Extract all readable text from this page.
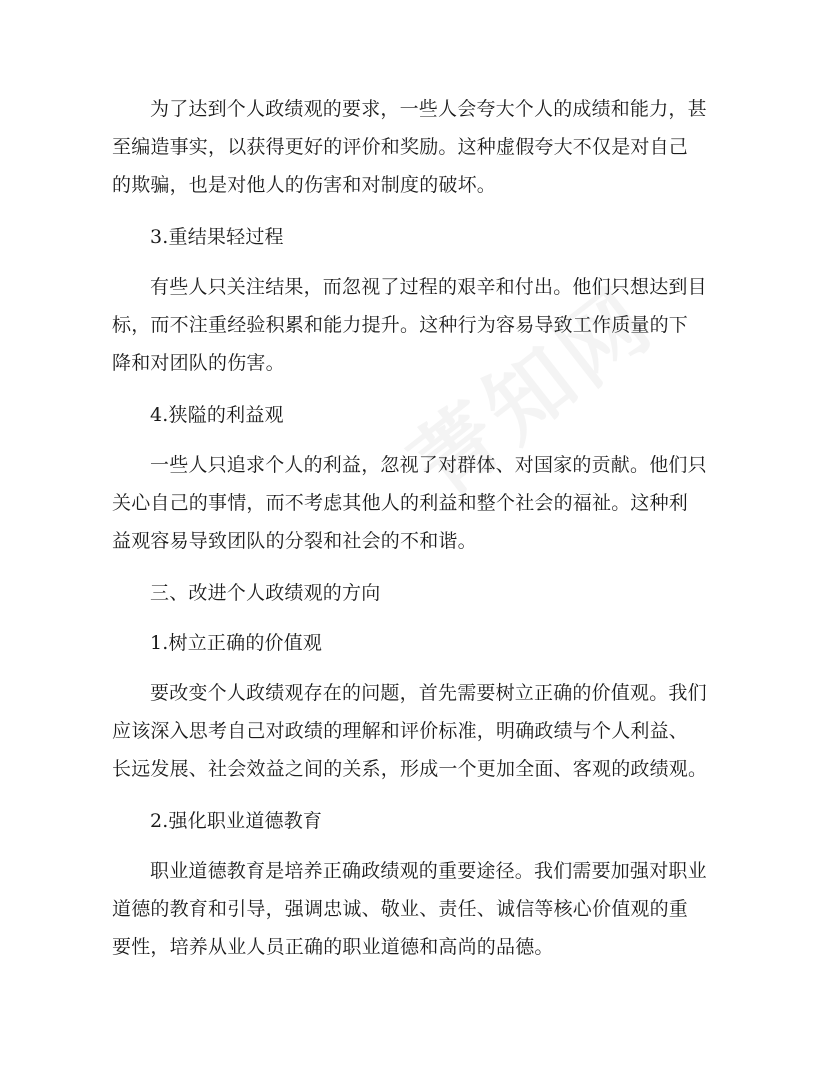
为了达到个人政绩观的要求，一些人会夸大个人的成绩和能力，甚
至编造事实，以获得更好的评价和奖励。这种虚假夸大不仅是对自己
的欺骗，也是对他人的伤害和对制度的破坏。
3.重结果轻过程
有些人只关注结果，而忽视了过程的艰辛和付出。他们只想达到目
标，而不注重经验积累和能力提升。这种行为容易导致工作质量的下
降和对团队的伤害。
4.狭隘的利益观
一些人只追求个人的利益，忽视了对群体、对国家的贡献。他们只
关心自己的事情，而不考虑其他人的利益和整个社会的福祉。这种利
益观容易导致团队的分裂和社会的不和谐。
三、改进个人政绩观的方向
1.树立正确的价值观
要改变个人政绩观存在的问题，首先需要树立正确的价值观。我们
应该深入思考自己对政绩的理解和评价标准，明确政绩与个人利益、
长远发展、社会效益之间的关系，形成一个更加全面、客观的政绩观。
2.强化职业道德教育
职业道德教育是培养正确政绩观的重要途径。我们需要加强对职业
道德的教育和引导，强调忠诚、敬业、责任、诚信等核心价值观的重
要性，培养从业人员正确的职业道德和高尚的品德。
